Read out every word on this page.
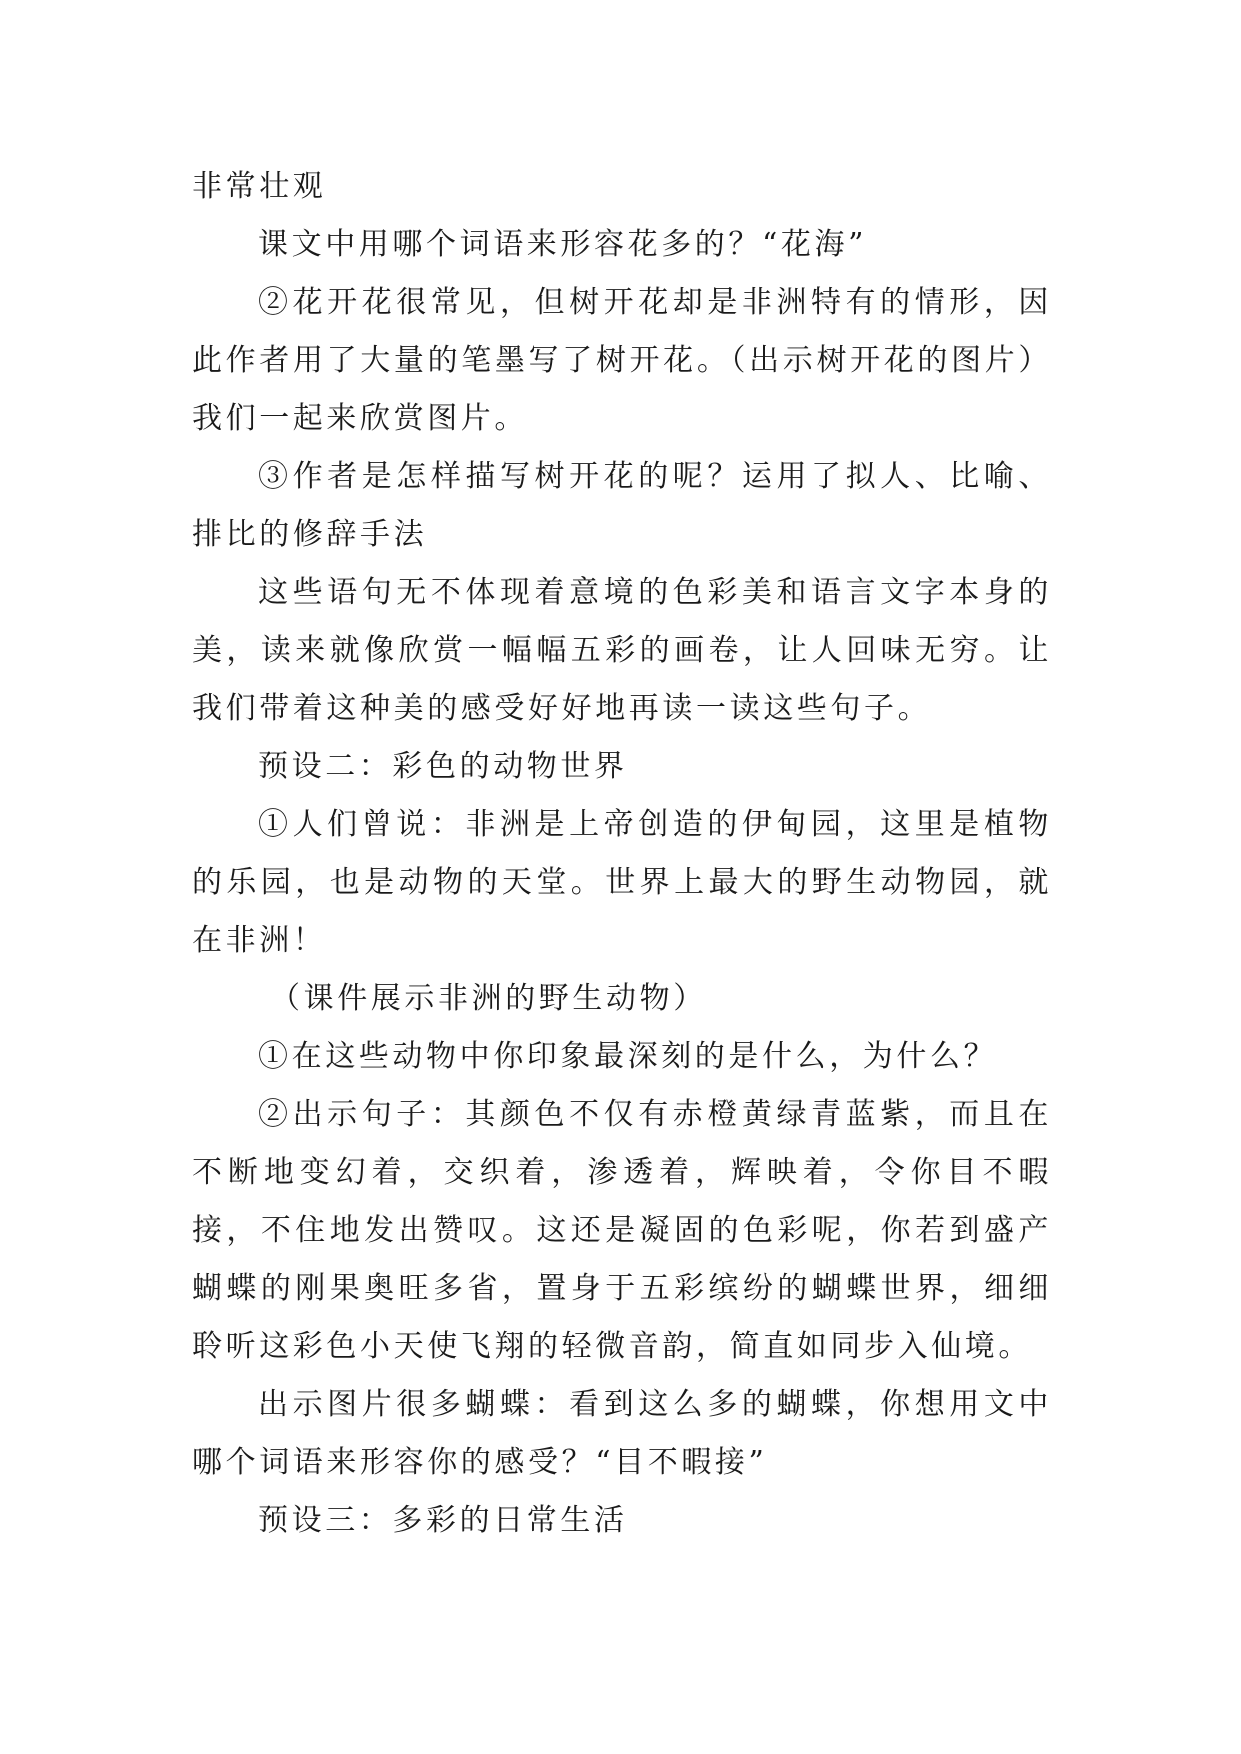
非常壮观

课文中用哪个词语来形容花多的？“花海”

②花开花很常见，但树开花却是非洲特有的情形，因此作者用了大量的笔墨写了树开花。（出示树开花的图片）我们一起来欣赏图片。

③作者是怎样描写树开花的呢？运用了拟人、比喻、排比的修辞手法

这些语句无不体现着意境的色彩美和语言文字本身的美，读来就像欣赏一幅幅五彩的画卷，让人回味无穷。让我们带着这种美的感受好好地再读一读这些句子。

预设二：彩色的动物世界

①人们曾说：非洲是上帝创造的伊甸园，这里是植物的乐园，也是动物的天堂。世界上最大的野生动物园，就在非洲！

（课件展示非洲的野生动物）

①在这些动物中你印象最深刻的是什么，为什么？

②出示句子：其颜色不仅有赤橙黄绿青蓝紫，而且在不断地变幻着，交织着，渗透着，辉映着，令你目不暇接，不住地发出赞叹。这还是凝固的色彩呢，你若到盛产蝴蝶的刚果奥旺多省，置身于五彩缤纷的蝴蝶世界，细细聆听这彩色小天使飞翔的轻微音韵，简直如同步入仙境。

出示图片很多蝴蝶：看到这么多的蝴蝶，你想用文中哪个词语来形容你的感受？“目不暇接”

预设三：多彩的日常生活
